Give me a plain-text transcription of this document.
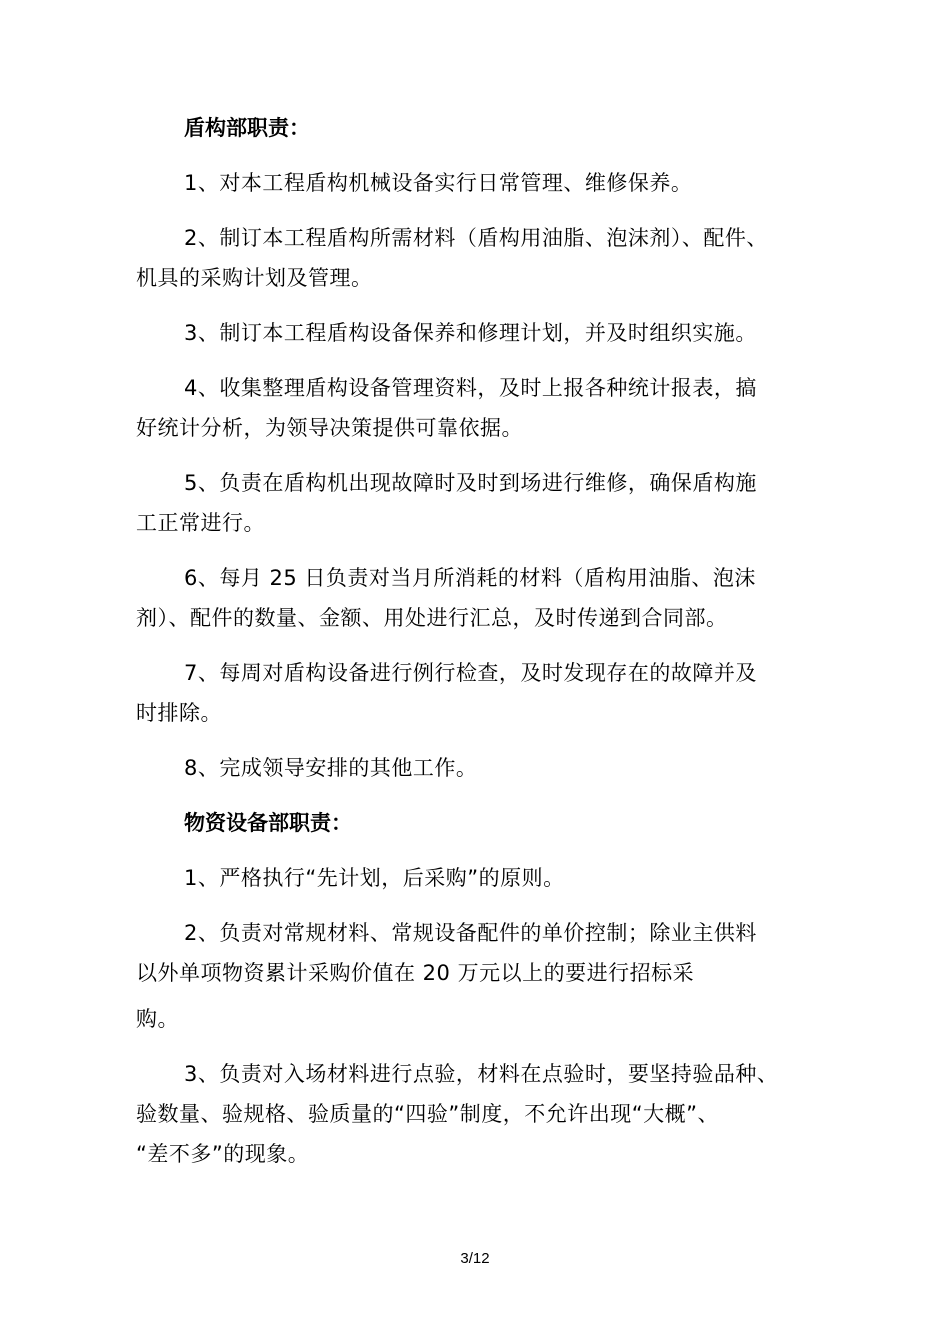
盾构部职责：
1、对本工程盾构机械设备实行日常管理、维修保养。
2、制订本工程盾构所需材料（盾构用油脂、泡沫剂）、配件、
机具的采购计划及管理。
3、制订本工程盾构设备保养和修理计划，并及时组织实施。
4、收集整理盾构设备管理资料，及时上报各种统计报表，搞
好统计分析，为领导决策提供可靠依据。
5、负责在盾构机出现故障时及时到场进行维修，确保盾构施
工正常进行。
6、每月 25 日负责对当月所消耗的材料（盾构用油脂、泡沫
剂）、配件的数量、金额、用处进行汇总，及时传递到合同部。
7、每周对盾构设备进行例行检查，及时发现存在的故障并及
时排除。
8、完成领导安排的其他工作。
物资设备部职责：
1、严格执行“先计划，后采购”的原则。
2、负责对常规材料、常规设备配件的单价控制；除业主供料
以外单项物资累计采购价值在 20 万元以上的要进行招标采
购。
3、负责对入场材料进行点验，材料在点验时，要坚持验品种、
验数量、验规格、验质量的“四验”制度，不允许出现“大概”、
“差不多”的现象。
3/12
